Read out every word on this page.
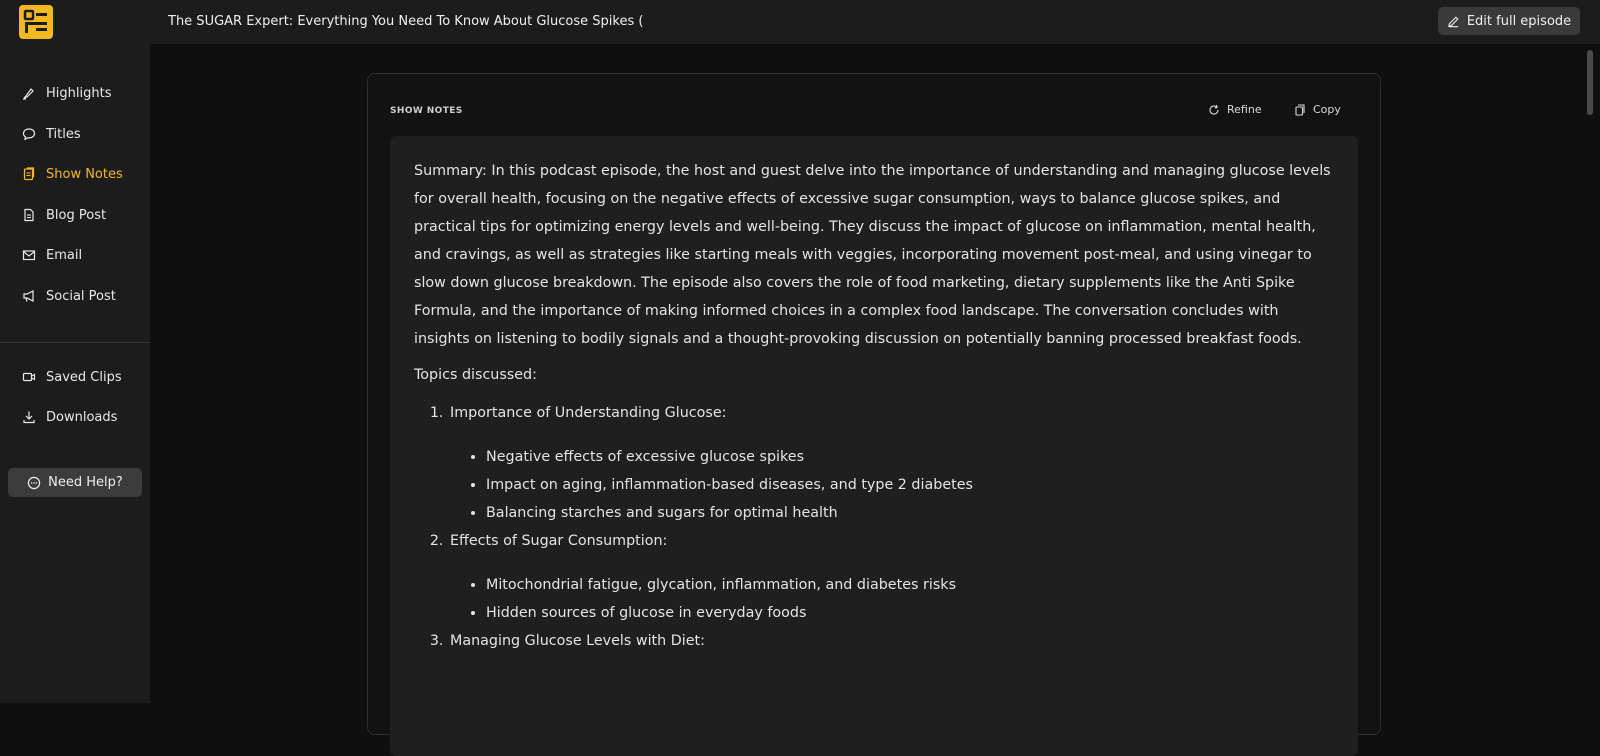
The SUGAR Expert: Everything You Need To Know About Glucose Spikes (	Edit full episode
Highlights
Titles
Show Notes
Blog Post
Email
Social Post
Saved Clips
Downloads
Need Help?
SHOW NOTES	Refine	Copy

Summary: In this podcast episode, the host and guest delve into the importance of understanding and managing glucose levels for overall health, focusing on the negative effects of excessive sugar consumption, ways to balance glucose spikes, and practical tips for optimizing energy levels and well-being. They discuss the impact of glucose on inflammation, mental health, and cravings, as well as strategies like starting meals with veggies, incorporating movement post-meal, and using vinegar to slow down glucose breakdown. The episode also covers the role of food marketing, dietary supplements like the Anti Spike Formula, and the importance of making informed choices in a complex food landscape. The conversation concludes with insights on listening to bodily signals and a thought-provoking discussion on potentially banning processed breakfast foods.

Topics discussed:

1. Importance of Understanding Glucose:
• Negative effects of excessive glucose spikes
• Impact on aging, inflammation-based diseases, and type 2 diabetes
• Balancing starches and sugars for optimal health
2. Effects of Sugar Consumption:
• Mitochondrial fatigue, glycation, inflammation, and diabetes risks
• Hidden sources of glucose in everyday foods
3. Managing Glucose Levels with Diet:
